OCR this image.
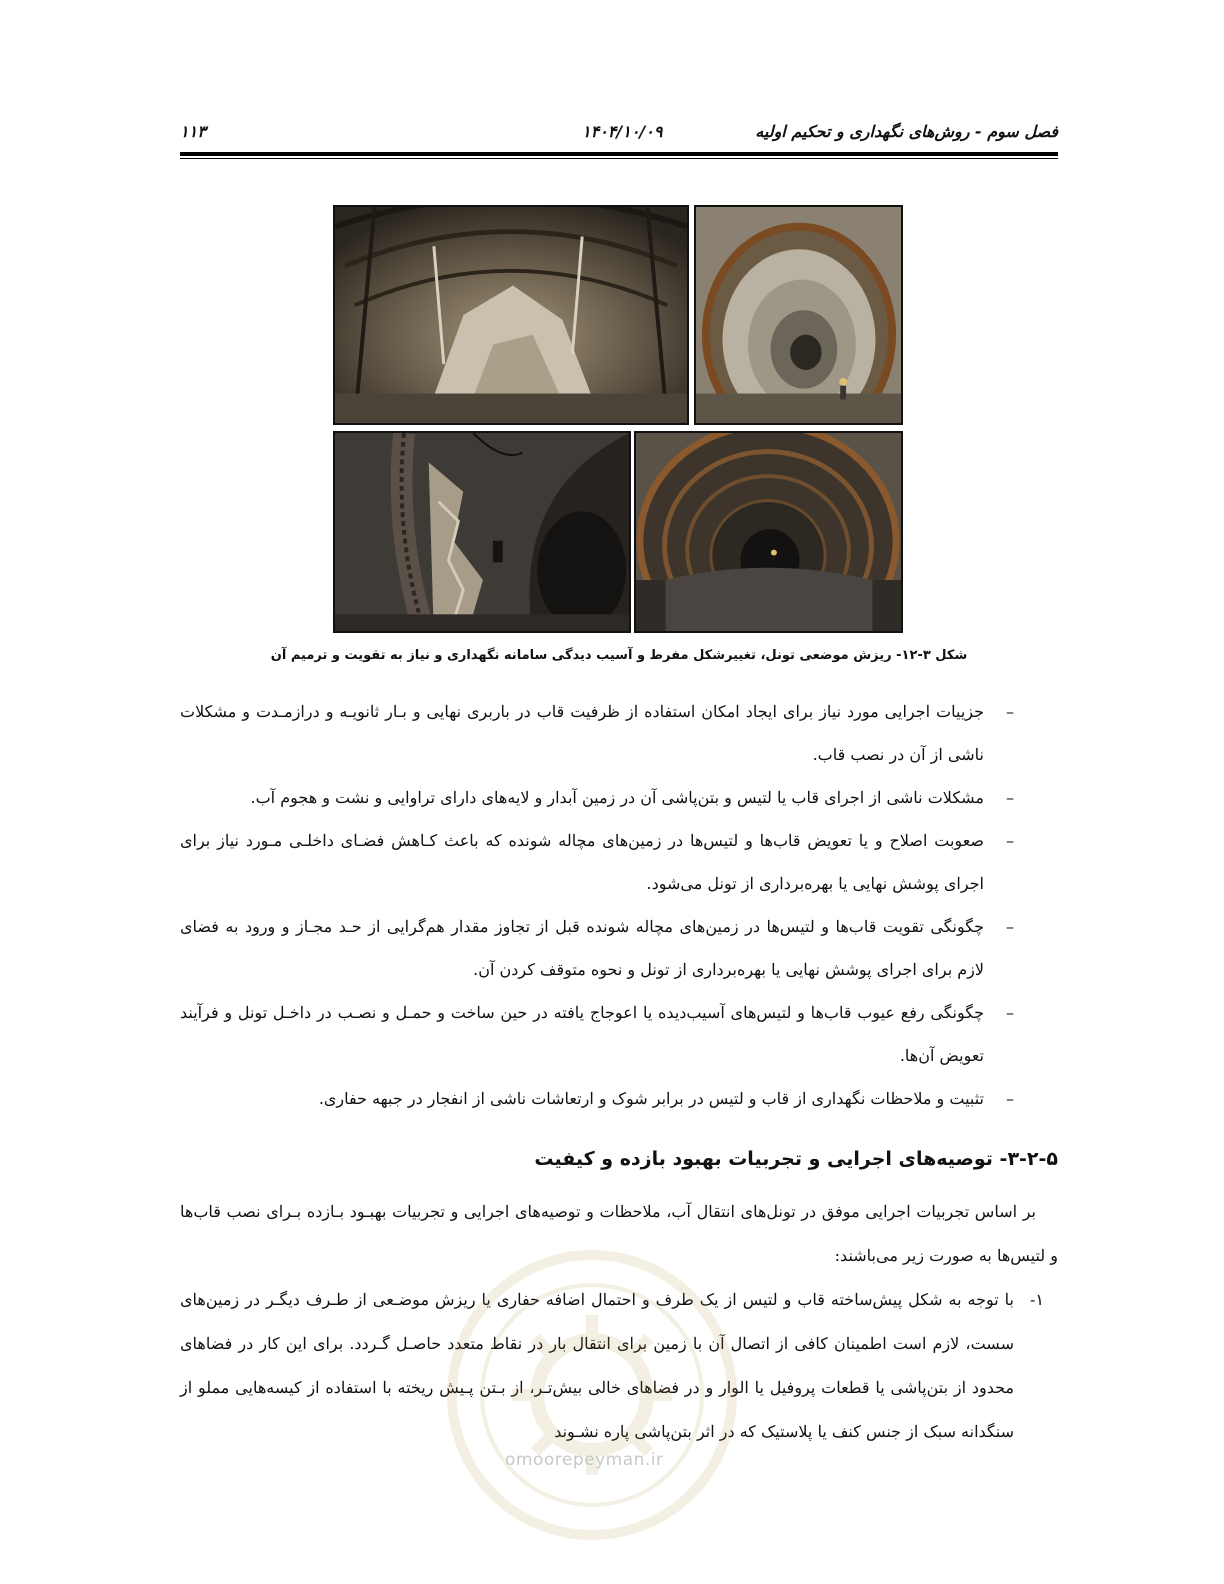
فصل سوم - روش‌های نگهداری و تحکیم اولیه
۱۴۰۴/۱۰/۰۹
۱۱۳
شکل ۳-۱۲- ریزش موضعی تونل، تغییرشکل مفرط و آسیب دیدگی سامانه نگهداری و نیاز به تقویت و ترمیم آن
–
جزییات اجرایی مورد نیاز برای ایجاد امکان استفاده از ظرفیت قاب در باربری نهایی و بـار ثانویـه و درازمـدت و مشکلات ناشی از آن در نصب قاب.
–
مشکلات ناشی از اجرای قاب یا لتیس و بتن‌پاشی آن در زمین آبدار و لایه‌های دارای تراوایی و نشت و هجوم آب.
–
صعوبت اصلاح و یا تعویض قاب‌ها و لتیس‌ها در زمین‌های مچاله شونده که باعث کـاهش فضـای داخلـی مـورد نیاز برای اجرای پوشش نهایی یا بهره‌برداری از تونل می‌شود.
–
چگونگی تقویت قاب‌ها و لتیس‌ها در زمین‌های مچاله شونده قبل از تجاوز مقدار هم‌گرایی از حـد مجـاز و ورود به فضای لازم برای اجرای پوشش نهایی یا بهره‌برداری از تونل و نحوه متوقف کردن آن.
–
چگونگی رفع عیوب قاب‌ها و لتیس‌های آسیب‌دیده یا اعوجاج یافته در حین ساخت و حمـل و نصـب در داخـل تونل و فرآیند تعویض آن‌ها.
–
تثبیت و ملاحظات نگهداری از قاب و لتیس در برابر شوک و ارتعاشات ناشی از انفجار در جبهه حفاری.
۳-۲-۵- توصیه‌های اجرایی و تجربیات بهبود بازده و کیفیت
بر اساس تجربیات اجرایی موفق در تونل‌های انتقال آب، ملاحظات و توصیه‌های اجرایی و تجربیات بهبـود بـازده بـرای نصب قاب‌ها و لتیس‌ها به صورت زیر می‌باشند:
۱-
با توجه به شکل پیش‌ساخته قاب و لتیس از یک طرف و احتمال اضافه حفاری یا ریزش موضـعی از طـرف دیگـر در زمین‌های سست، لازم است اطمینان کافی از اتصال آن با زمین برای انتقال بار در نقاط متعدد حاصـل گـردد. برای این کار در فضاهای محدود از بتن‌پاشی یا قطعات پروفیل یا الوار و در فضاهای خالی بیش‌تـر، از بـتن پـیش ریخته با استفاده از کیسه‌هایی مملو از سنگدانه سبک از جنس کنف یا پلاستیک که در اثر بتن‌پاشی پاره نشـوند
omoorepeyman.ir
